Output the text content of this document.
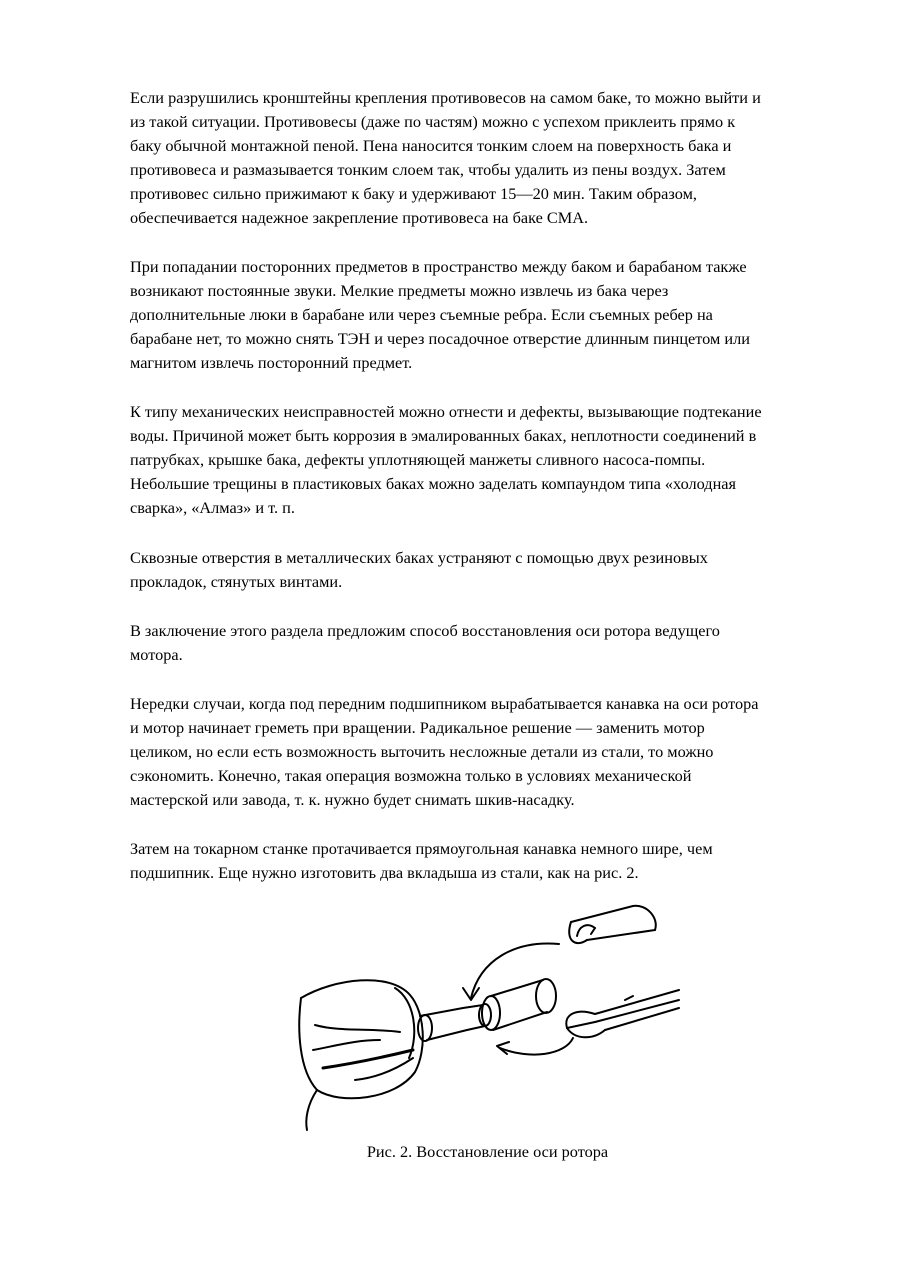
Если разрушились кронштейны крепления противовесов на самом баке, то можно выйти и
из такой ситуации. Противовесы (даже по частям) можно с успехом приклеить прямо к
баку обычной монтажной пеной. Пена наносится тонким слоем на поверхность бака и
противовеса и размазывается тонким слоем так, чтобы удалить из пены воздух. Затем
противовес сильно прижимают к баку и удерживают 15—20 мин. Таким образом,
обеспечивается надежное закрепление противовеса на баке СМА.

При попадании посторонних предметов в пространство между баком и барабаном также
возникают постоянные звуки. Мелкие предметы можно извлечь из бака через
дополнительные люки в барабане или через съемные ребра. Если съемных ребер на
барабане нет, то можно снять ТЭН и через посадочное отверстие длинным пинцетом или
магнитом извлечь посторонний предмет.

К типу механических неисправностей можно отнести и дефекты, вызывающие подтекание
воды. Причиной может быть коррозия в эмалированных баках, неплотности соединений в
патрубках, крышке бака, дефекты уплотняющей манжеты сливного насоса-помпы.
Небольшие трещины в пластиковых баках можно заделать компаундом типа «холодная
сварка», «Алмаз» и т. п.

Сквозные отверстия в металлических баках устраняют с помощью двух резиновых
прокладок, стянутых винтами.

В заключение этого раздела предложим способ восстановления оси ротора ведущего
мотора.

Нередки случаи, когда под передним подшипником вырабатывается канавка на оси ротора
и мотор начинает греметь при вращении. Радикальное решение — заменить мотор
целиком, но если есть возможность выточить несложные детали из стали, то можно
сэкономить. Конечно, такая операция возможна только в условиях механической
мастерской или завода, т. к. нужно будет снимать шкив-насадку.

Затем на токарном станке протачивается прямоугольная канавка немного шире, чем
подшипник. Еще нужно изготовить два вкладыша из стали, как на рис. 2.

Рис. 2. Восстановление оси ротора
